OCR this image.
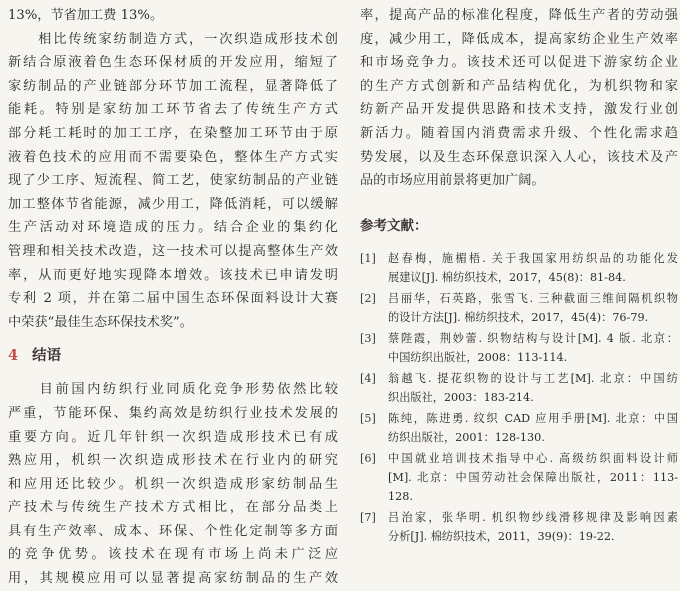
13%，节省加工费 13%。
　　相比传统家纺制造方式，一次织造成形技术创
新结合原液着色生态环保材质的开发应用，缩短了
家纺制品的产业链部分环节加工流程，显著降低了
能耗。特别是家纺加工环节省去了传统生产方式
部分耗工耗时的加工工序，在染整加工环节由于原
液着色技术的应用而不需要染色，整体生产方式实
现了少工序、短流程、简工艺，使家纺制品的产业链
加工整体节省能源，减少用工，降低消耗，可以缓解
生产活动对环境造成的压力。结合企业的集约化
管理和相关技术改造，这一技术可以提高整体生产效
率，从而更好地实现降本增效。该技术已申请发明
专利 2 项，并在第二届中国生态环保面料设计大赛
中荣获“最佳生态环保技术奖”。
4 结语
　　目前国内纺织行业同质化竞争形势依然比较
严重，节能环保、集约高效是纺织行业技术发展的
重要方向。近几年针织一次织造成形技术已有成
熟应用，机织一次织造成形技术在行业内的研究
和应用还比较少。机织一次织造成形家纺制品生
产技术与传统生产技术方式相比，在部分品类上
具有生产效率、成本、环保、个性化定制等多方面
的竞争优势。该技术在现有市场上尚未广泛应
用，其规模应用可以显著提高家纺制品的生产效
率，提高产品的标准化程度，降低生产者的劳动强
度，减少用工，降低成本，提高家纺企业生产效率
和市场竞争力。该技术还可以促进下游家纺企业
的生产方式创新和产品结构优化，为机织物和家
纺新产品开发提供思路和技术支持，激发行业创
新活力。随着国内消费需求升级、个性化需求趋
势发展，以及生态环保意识深入人心，该技术及产
品的市场应用前景将更加广阔。
参考文献：
[1] 赵春梅，施楣梧. 关于我国家用纺织品的功能化发
展建议[J]. 棉纺织技术，2017，45(8)：81-84.
[2] 吕丽华，石英路，张雪飞. 三种截面三维间隔机织物
的设计方法[J]. 棉纺织技术，2017，45(4)：76-79.
[3] 蔡陛霞，荆妙蕾. 织物结构与设计[M]. 4 版. 北京：
中国纺织出版社，2008：113-114.
[4] 翁越飞. 提花织物的设计与工艺[M]. 北京：中国纺
织出版社，2003：183-214.
[5] 陈纯，陈进勇. 纹织 CAD 应用手册[M]. 北京：中国
纺织出版社，2001：128-130.
[6] 中国就业培训技术指导中心. 高级纺织面料设计师
[M]. 北京：中国劳动社会保障出版社，2011：113-
128.
[7] 吕治家，张华明. 机织物纱线滑移规律及影响因素
分析[J]. 棉纺织技术，2011，39(9)：19-22.
